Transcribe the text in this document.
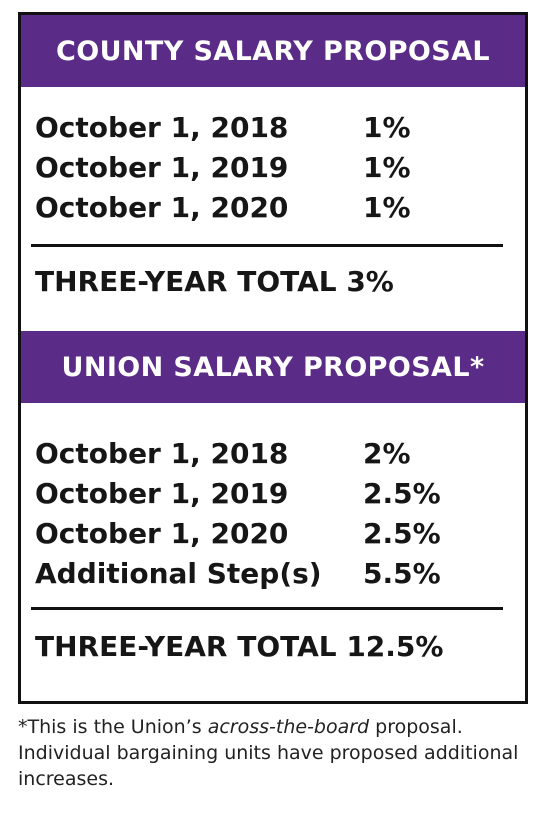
COUNTY SALARY PROPOSAL
October 1, 2018	1%
October 1, 2019	1%
October 1, 2020	1%
THREE-YEAR TOTAL 3%
UNION SALARY PROPOSAL*
October 1, 2018	2%
October 1, 2019	2.5%
October 1, 2020	2.5%
Additional Step(s)	5.5%
THREE-YEAR TOTAL 12.5%
*This is the Union’s across-the-board proposal. Individual bargaining units have proposed additional increases.
